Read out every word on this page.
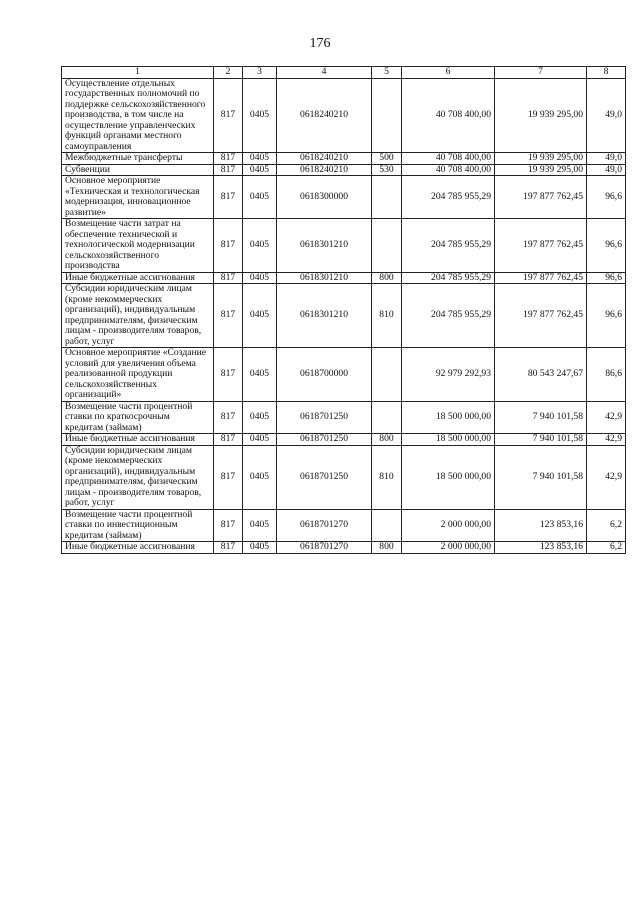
176
1	2	3	4	5	6	7	8
Осуществление отдельных государственных полномочий по поддержке сельскохозяйственного производства, в том числе на осуществление управленческих функций органами местного самоуправления	817	0405	0618240210		40 708 400,00	19 939 295,00	49,0
Межбюджетные трансферты	817	0405	0618240210	500	40 708 400,00	19 939 295,00	49,0
Субвенции	817	0405	0618240210	530	40 708 400,00	19 939 295,00	49,0
Основное мероприятие «Техническая и технологическая модернизация, инновационное развитие»	817	0405	0618300000		204 785 955,29	197 877 762,45	96,6
Возмещение части затрат на обеспечение технической и технологической модернизации сельскохозяйственного производства	817	0405	0618301210		204 785 955,29	197 877 762,45	96,6
Иные бюджетные ассигнования	817	0405	0618301210	800	204 785 955,29	197 877 762,45	96,6
Субсидии юридическим лицам (кроме некоммерческих организаций), индивидуальным предпринимателям, физическим лицам - производителям товаров, работ, услуг	817	0405	0618301210	810	204 785 955,29	197 877 762,45	96,6
Основное мероприятие «Создание условий для увеличения объема реализованной продукции сельскохозяйственных организаций»	817	0405	0618700000		92 979 292,93	80 543 247,67	86,6
Возмещение части процентной ставки по краткосрочным кредитам (займам)	817	0405	0618701250		18 500 000,00	7 940 101,58	42,9
Иные бюджетные ассигнования	817	0405	0618701250	800	18 500 000,00	7 940 101,58	42,9
Субсидии юридическим лицам (кроме некоммерческих организаций), индивидуальным предпринимателям, физическим лицам - производителям товаров, работ, услуг	817	0405	0618701250	810	18 500 000,00	7 940 101,58	42,9
Возмещение части процентной ставки по инвестиционным кредитам (займам)	817	0405	0618701270		2 000 000,00	123 853,16	6,2
Иные бюджетные ассигнования	817	0405	0618701270	800	2 000 000,00	123 853,16	6,2
